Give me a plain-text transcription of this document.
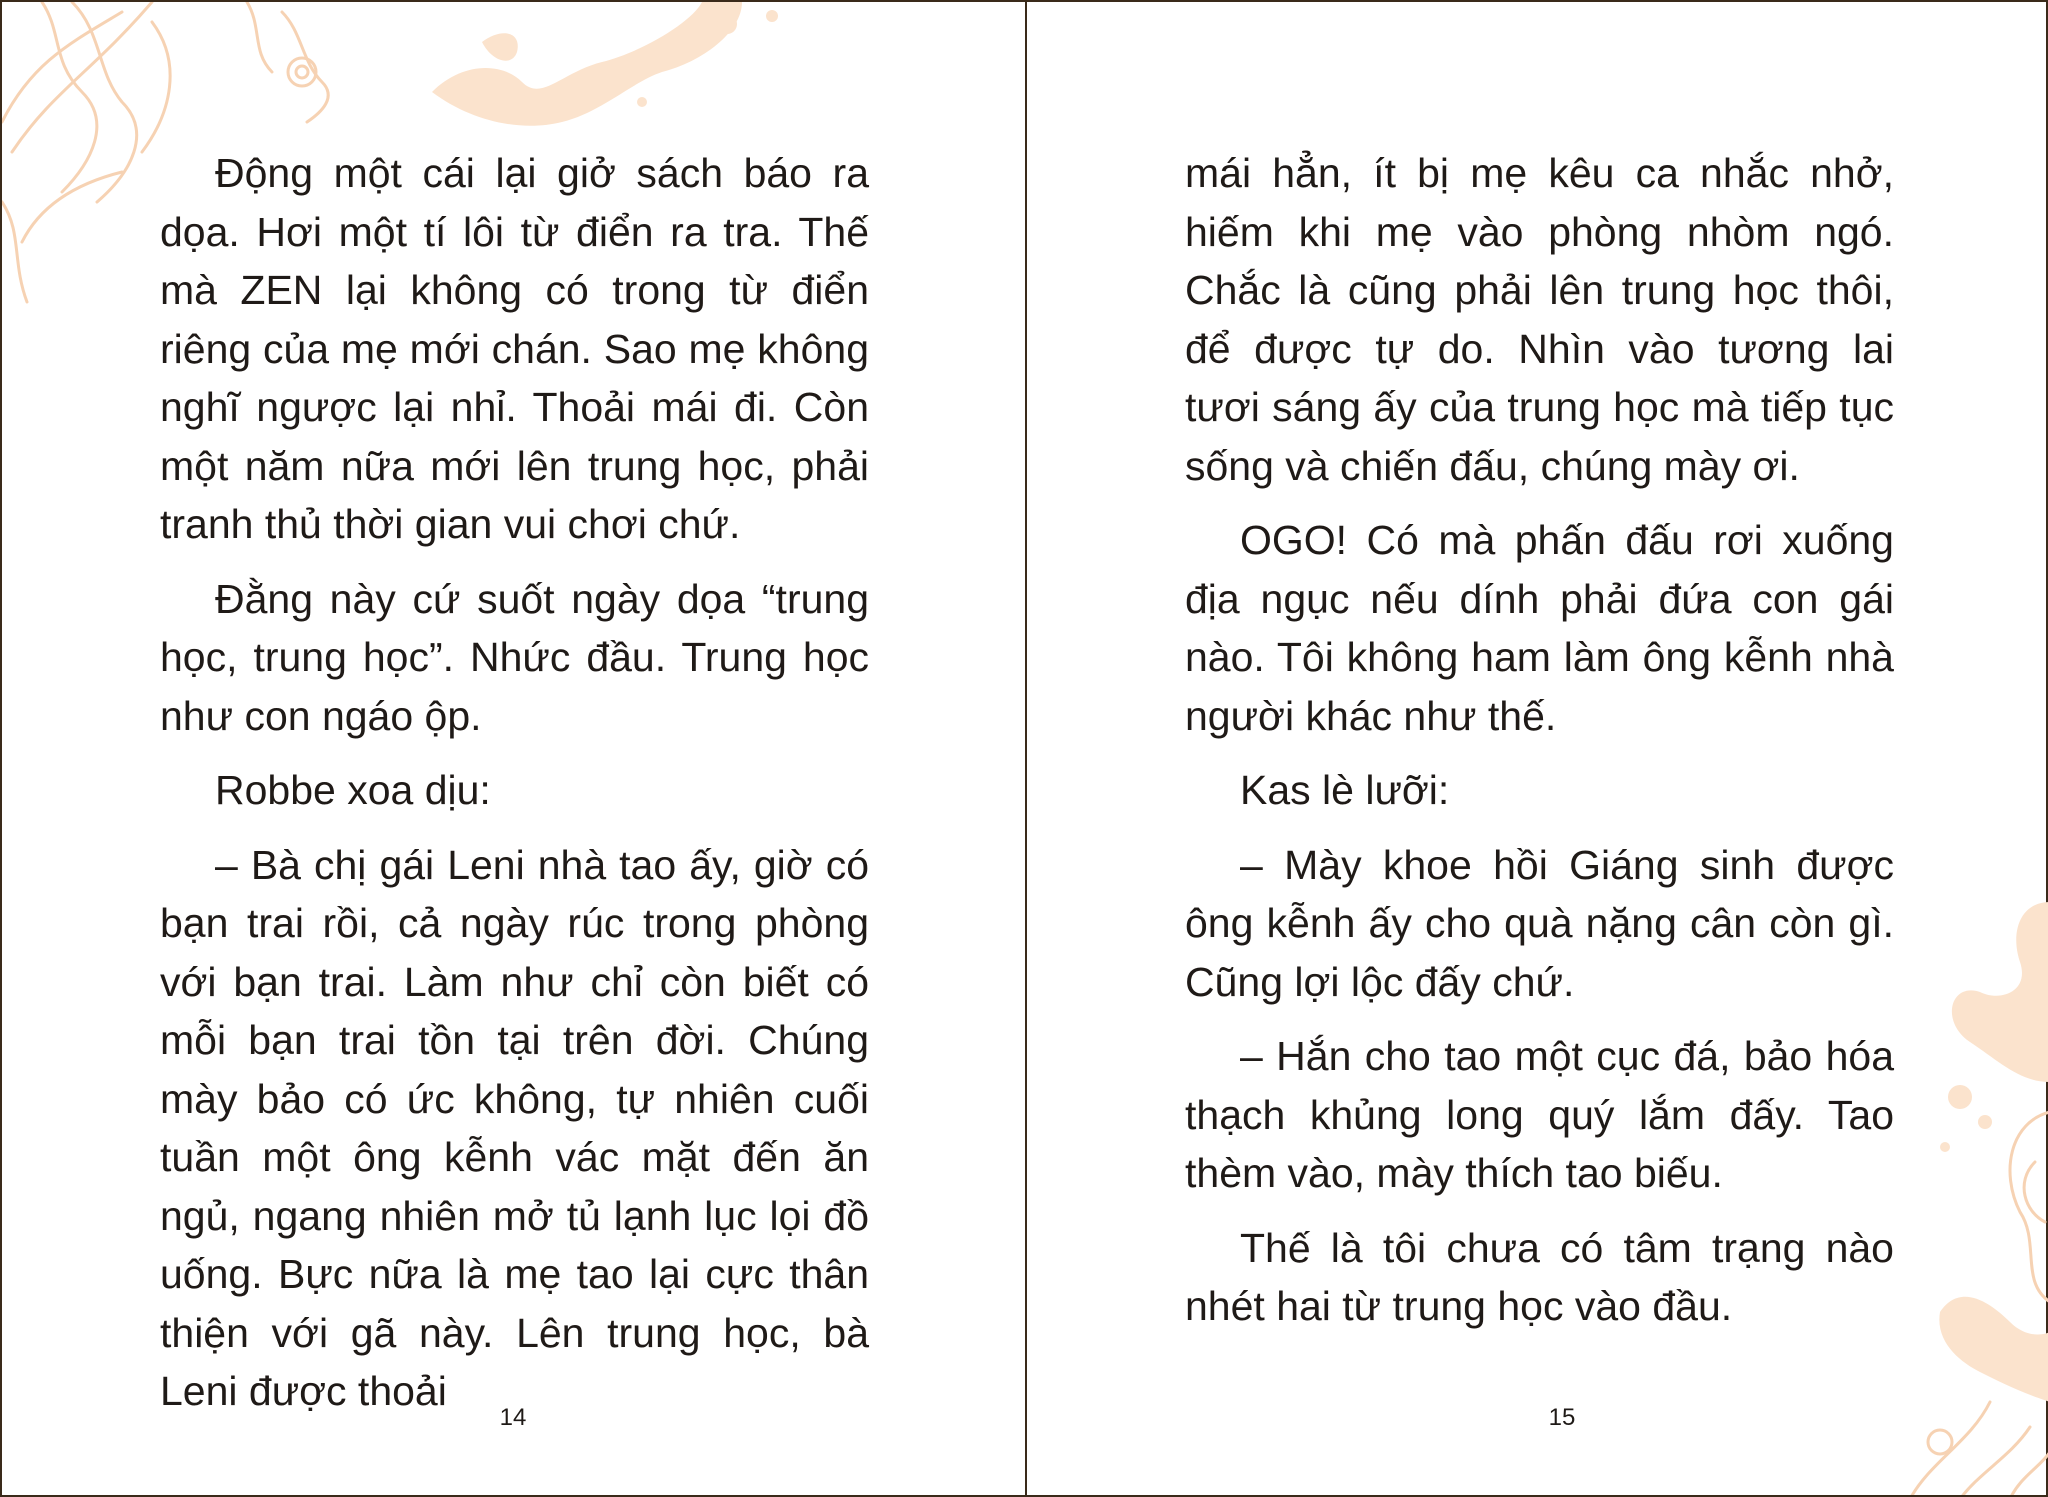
Động một cái lại giở sách báo ra dọa. Hơi một tí lôi từ điển ra tra. Thế mà ZEN lại không có trong từ điển riêng của mẹ mới chán. Sao mẹ không nghĩ ngược lại nhỉ. Thoải mái đi. Còn một năm nữa mới lên trung học, phải tranh thủ thời gian vui chơi chứ.

Đằng này cứ suốt ngày dọa “trung học, trung học”. Nhức đầu. Trung học như con ngáo ộp.

Robbe xoa dịu:

– Bà chị gái Leni nhà tao ấy, giờ có bạn trai rồi, cả ngày rúc trong phòng với bạn trai. Làm như chỉ còn biết có mỗi bạn trai tồn tại trên đời. Chúng mày bảo có ức không, tự nhiên cuối tuần một ông kễnh vác mặt đến ăn ngủ, ngang nhiên mở tủ lạnh lục lọi đồ uống. Bực nữa là mẹ tao lại cực thân thiện với gã này. Lên trung học, bà Leni được thoải

14

mái hẳn, ít bị mẹ kêu ca nhắc nhở, hiếm khi mẹ vào phòng nhòm ngó. Chắc là cũng phải lên trung học thôi, để được tự do. Nhìn vào tương lai tươi sáng ấy của trung học mà tiếp tục sống và chiến đấu, chúng mày ơi.

OGO! Có mà phấn đấu rơi xuống địa ngục nếu dính phải đứa con gái nào. Tôi không ham làm ông kễnh nhà người khác như thế.

Kas lè lưỡi:

– Mày khoe hồi Giáng sinh được ông kễnh ấy cho quà nặng cân còn gì. Cũng lợi lộc đấy chứ.

– Hắn cho tao một cục đá, bảo hóa thạch khủng long quý lắm đấy. Tao thèm vào, mày thích tao biếu.

Thế là tôi chưa có tâm trạng nào nhét hai từ trung học vào đầu.

15
